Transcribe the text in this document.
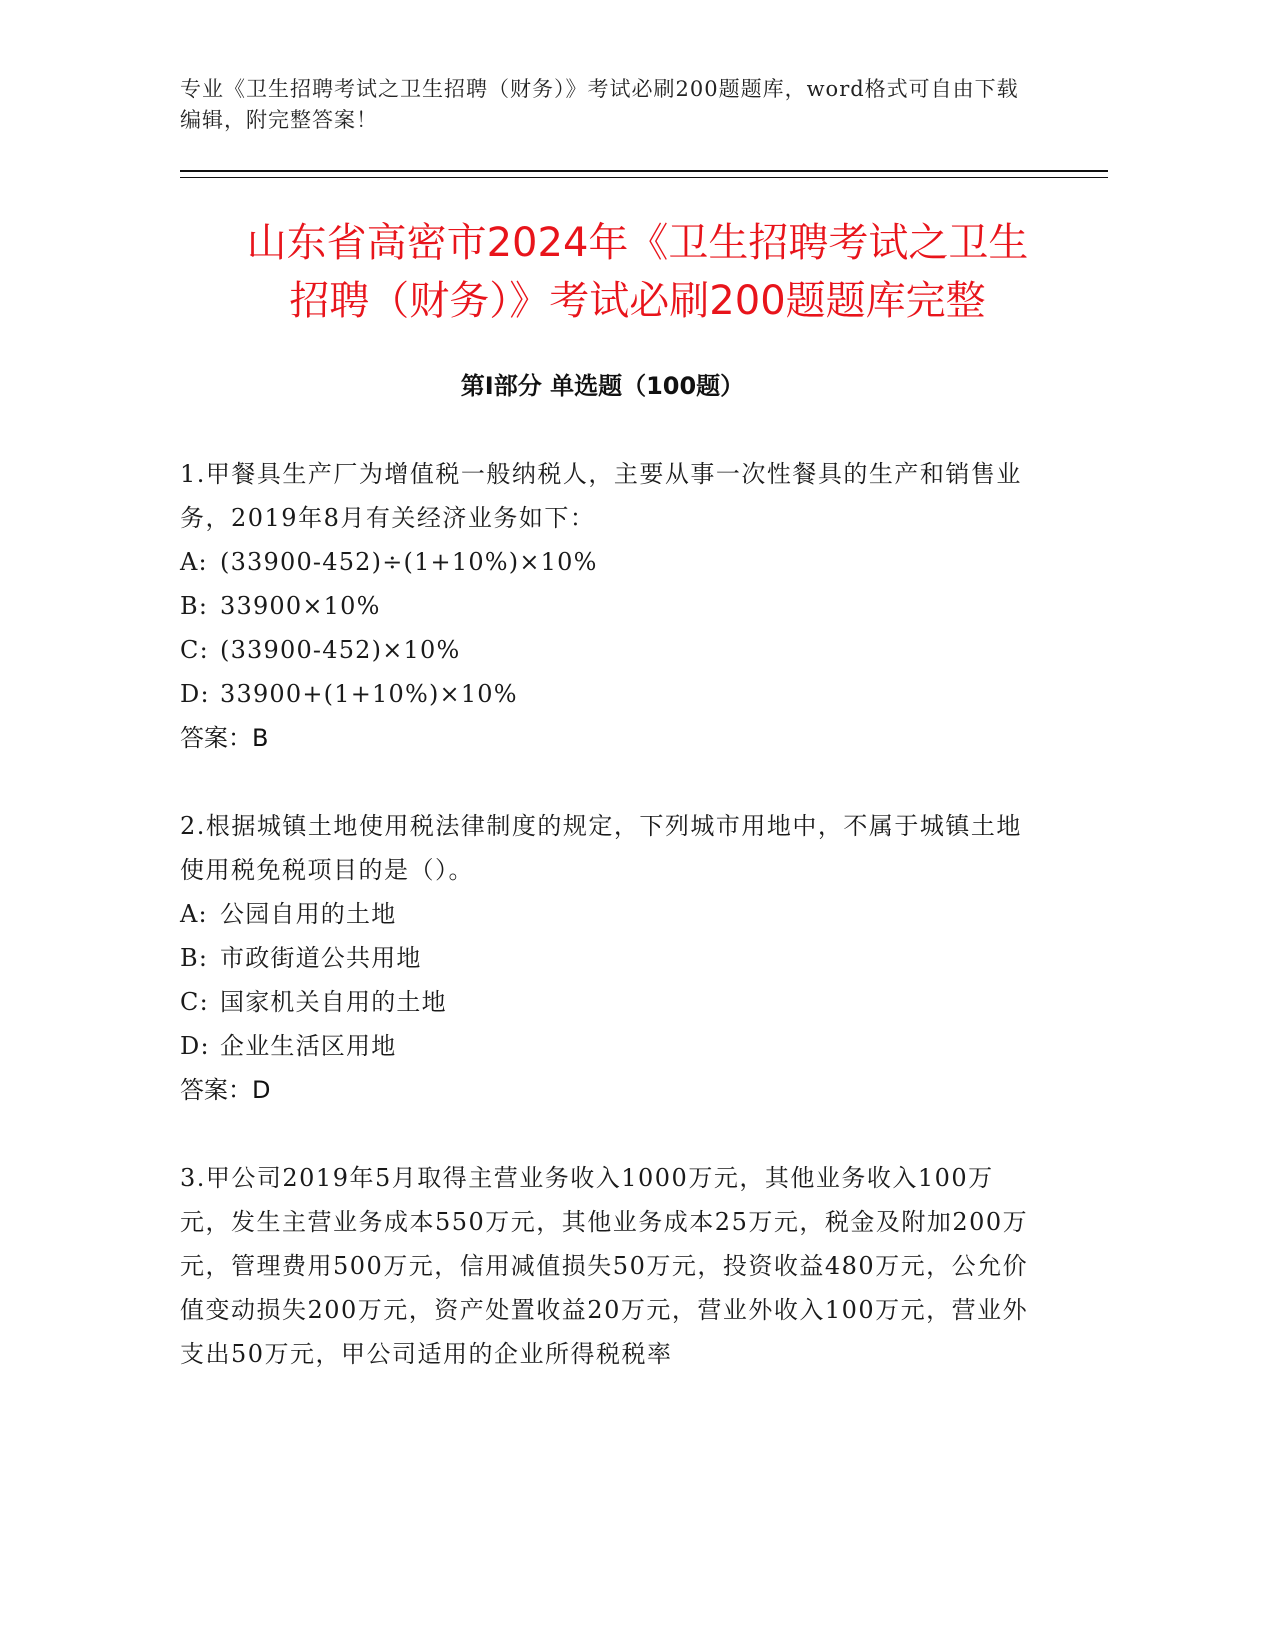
专业《卫生招聘考试之卫生招聘（财务）》考试必刷200题题库，word格式可自由下载编辑，附完整答案！
山东省高密市2024年《卫生招聘考试之卫生
招聘（财务）》考试必刷200题题库完整
第Ⅰ部分 单选题（100题）

1.甲餐具生产厂为增值税一般纳税人，主要从事一次性餐具的生产和销售业务，2019年8月有关经济业务如下：

A: (33900-452)÷(1+10%)×10%

B: 33900×10%

C: (33900-452)×10%

D: 33900+(1+10%)×10%

答案：B

2.根据城镇土地使用税法律制度的规定，下列城市用地中，不属于城镇土地使用税免税项目的是（）。

A: 公园自用的土地

B: 市政街道公共用地

C: 国家机关自用的土地

D: 企业生活区用地

答案：D

3.甲公司2019年5月取得主营业务收入1000万元，其他业务收入100万元，发生主营业务成本550万元，其他业务成本25万元，税金及附加200万元，管理费用500万元，信用减值损失50万元，投资收益480万元，公允价值变动损失200万元，资产处置收益20万元，营业外收入100万元，营业外支出50万元，甲公司适用的企业所得税税率
